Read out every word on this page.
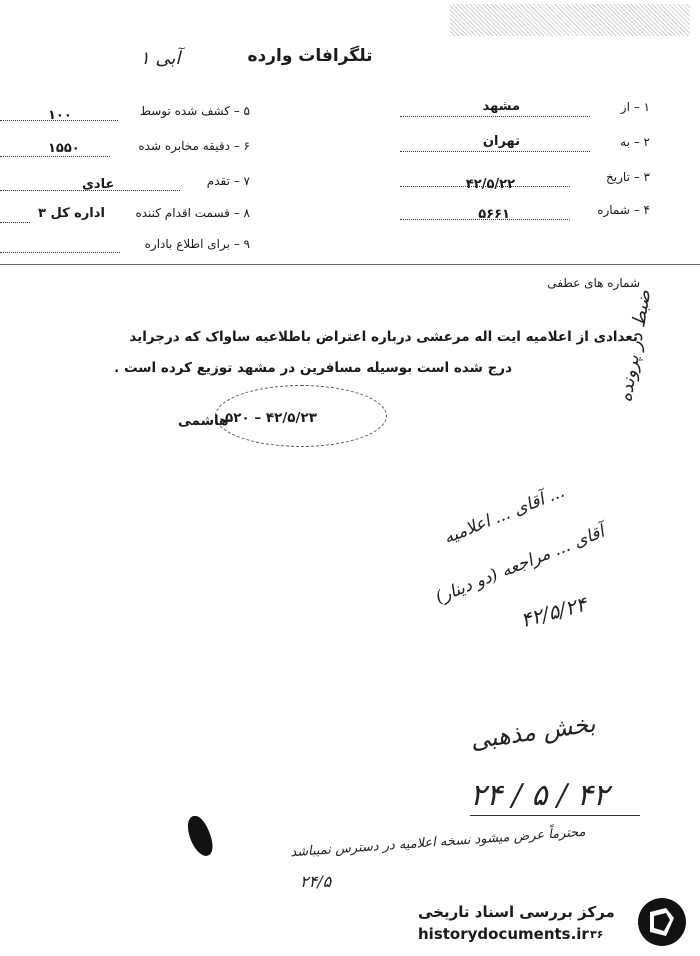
آبی ۱	تلگرافات وارده
۱ – از
مشهد
۲ – به
تهران
۳ – تاریخ
۴۲/۵/۲۲
۴ – شماره
۵۶۶۱
۵ – کشف شده توسط
۱۰۰
۶ – دقیقه مخابره شده
۱۵۵۰
۷ – تقدم
عادی
۸ – قسمت اقدام کننده
اداره کل ۳
۹ – برای اطلاع باداره
شماره های عطفی
تعدادی از اعلامیه ایت اله مرعشی درباره اعتراض باطلاعیه ساواک که درجراید
درج شده است بوسیله مسافرین در مشهد توزیع کرده است .
۴۲/۵/۲۳ – ۵۲۰
هاشمی
ضبط در پرونده
آقای ... اعلامیه ...
(دو دینار) آقای ... مراجعه
۴۲/۵/۲۴
بخش مذهبی
۲۴ / ۵ / ۴۲
محترماً عرض میشود نسخه اعلامیه در دسترس نمیباشد
۲۴/۵
مرکز بررسی اسناد تاریخی
historydocuments.ir ۳۶
